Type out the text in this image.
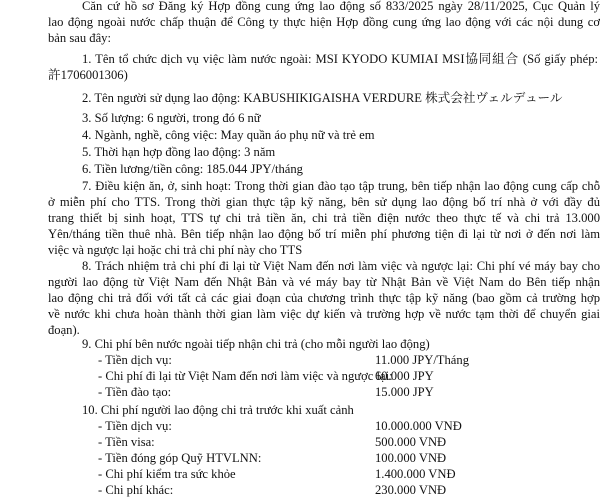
Căn cứ hồ sơ Đăng ký Hợp đồng cung ứng lao động số 833/2025 ngày 28/11/2025, Cục Quản lý
lao động ngoài nước chấp thuận để Công ty thực hiện Hợp đồng cung ứng lao động với các nội dung cơ
bản sau đây:
1. Tên tổ chức dịch vụ việc làm nước ngoài: MSI KYODO KUMIAI MSI協同組合 (Số giấy phép:
許1706001306)
2. Tên người sử dụng lao động: KABUSHIKIGAISHA VERDURE 株式会社ヴェルデュール
3. Số lượng: 6 người, trong đó 6 nữ
4. Ngành, nghề, công việc: May quần áo phụ nữ và trẻ em
5. Thời hạn hợp đồng lao động: 3 năm
6. Tiền lương/tiền công: 185.044 JPY/tháng
7. Điều kiện ăn, ở, sinh hoạt: Trong thời gian đào tạo tập trung, bên tiếp nhận lao động cung cấp chỗ
ở miễn phí cho TTS. Trong thời gian thực tập kỹ năng, bên sử dụng lao động bố trí nhà ở với đầy đủ
trang thiết bị sinh hoạt, TTS tự chi trả tiền ăn, chi trả tiền điện nước theo thực tế và chi trả 13.000
Yên/tháng tiền thuê nhà. Bên tiếp nhận lao động bố trí miễn phí phương tiện đi lại từ nơi ở đến nơi làm
việc và ngược lại hoặc chi trả chi phí này cho TTS
8. Trách nhiệm trả chi phí đi lại từ Việt Nam đến nơi làm việc và ngược lại: Chi phí vé máy bay cho
người lao động từ Việt Nam đến Nhật Bản và vé máy bay từ Nhật Bản về Việt Nam do Bên tiếp nhận
lao động chi trả đối với tất cả các giai đoạn của chương trình thực tập kỹ năng (bao gồm cả trường hợp
về nước khi chưa hoàn thành thời gian làm việc dự kiến và trường hợp về nước tạm thời để chuyển giai
đoạn).
9. Chi phí bên nước ngoài tiếp nhận chi trả (cho mỗi người lao động)
- Tiền dịch vụ:	11.000 JPY/Tháng
- Chi phí đi lại từ Việt Nam đến nơi làm việc và ngược lại:
60.000 JPY
- Tiền đào tạo:	15.000 JPY
10. Chi phí người lao động chi trả trước khi xuất cảnh
- Tiền dịch vụ:	10.000.000 VNĐ
- Tiền visa:	500.000 VNĐ
- Tiền đóng góp Quỹ HTVLNN:	100.000 VNĐ
- Chi phí kiểm tra sức khỏe	1.400.000 VNĐ
- Chi phí khác:	230.000 VNĐ
